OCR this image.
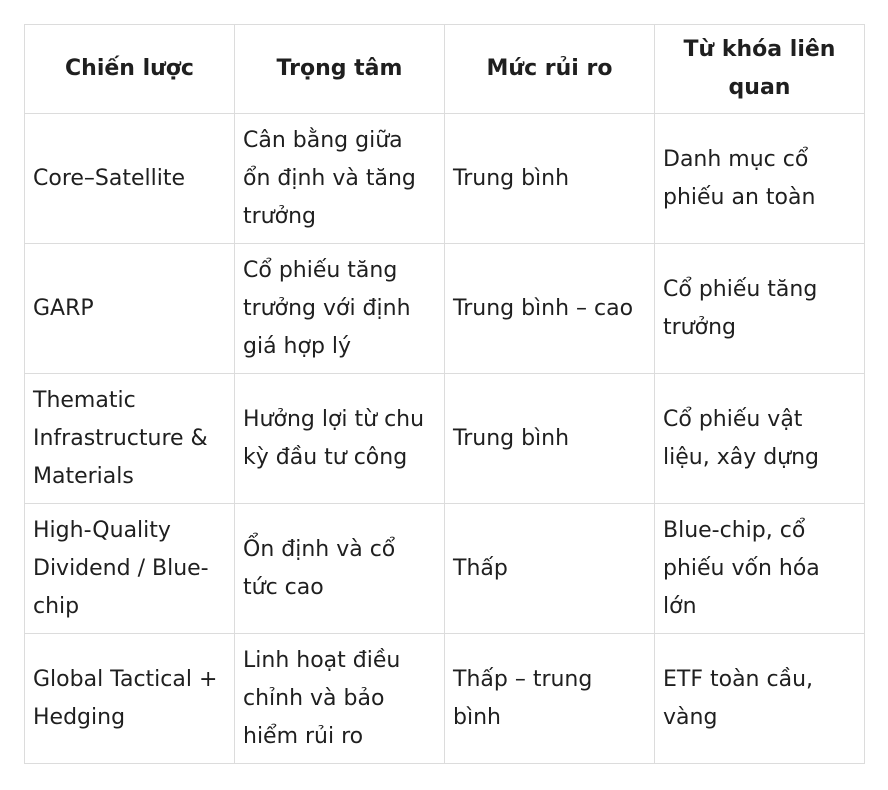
Chiến lược	Trọng tâm	Mức rủi ro	Từ khóa liên quan
Core–Satellite	Cân bằng giữa ổn định và tăng trưởng	Trung bình	Danh mục cổ phiếu an toàn
GARP	Cổ phiếu tăng trưởng với định giá hợp lý	Trung bình – cao	Cổ phiếu tăng trưởng
Thematic Infrastructure & Materials	Hưởng lợi từ chu kỳ đầu tư công	Trung bình	Cổ phiếu vật liệu, xây dựng
High-Quality Dividend / Blue-chip	Ổn định và cổ tức cao	Thấp	Blue-chip, cổ phiếu vốn hóa lớn
Global Tactical + Hedging	Linh hoạt điều chỉnh và bảo hiểm rủi ro	Thấp – trung bình	ETF toàn cầu, vàng
